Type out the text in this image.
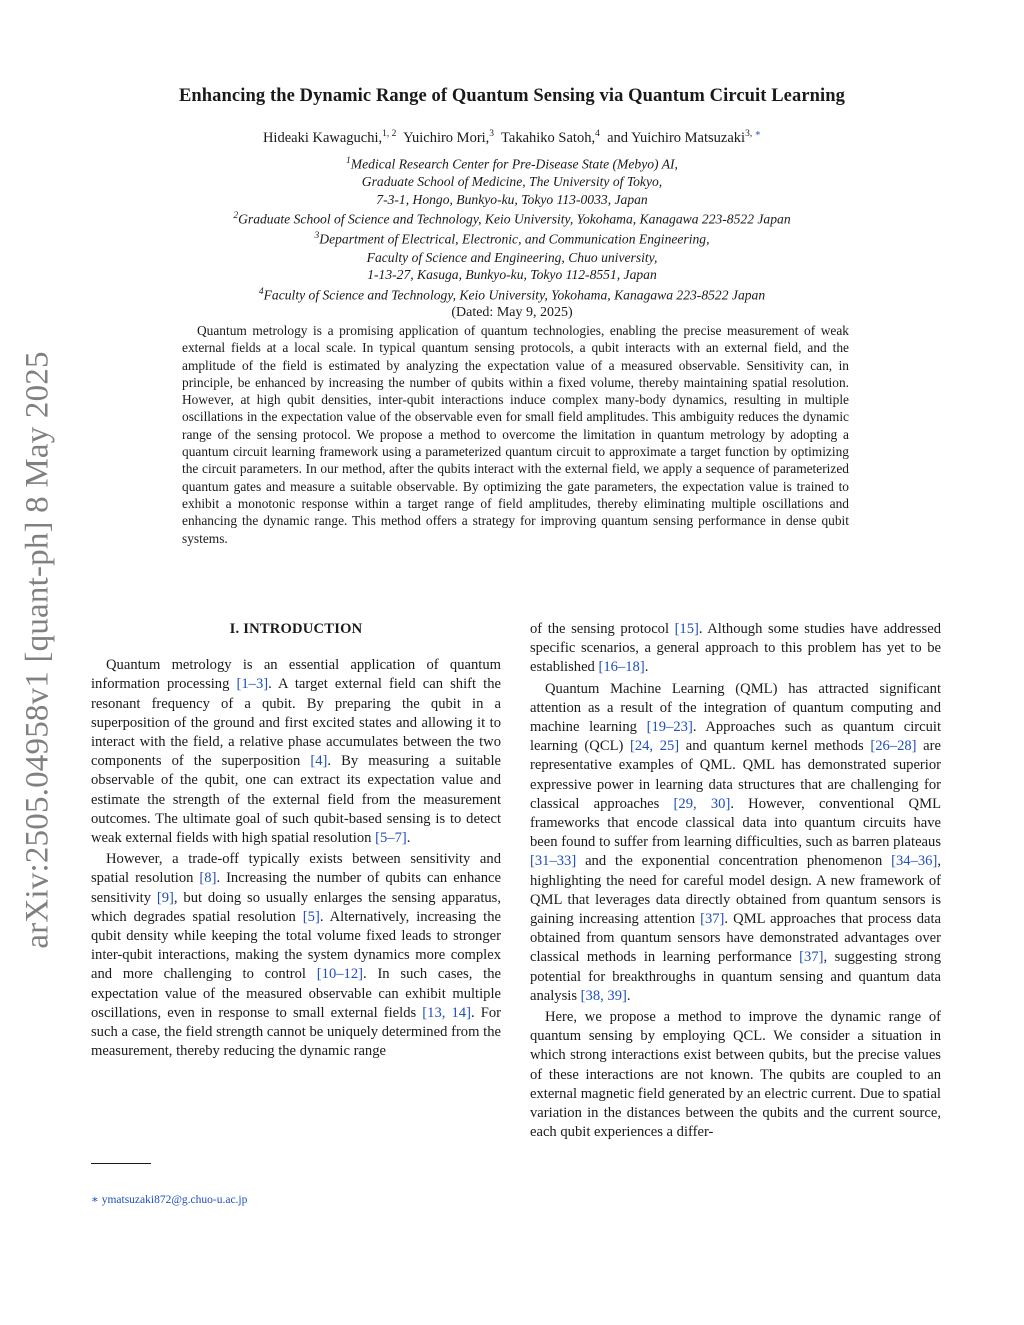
arXiv:2505.04958v1 [quant-ph] 8 May 2025
Enhancing the Dynamic Range of Quantum Sensing via Quantum Circuit Learning
Hideaki Kawaguchi,$^{1, 2}$ Yuichiro Mori,$^3$ Takahiko Satoh,$^4$ and Yuichiro Matsuzaki$^{3, ∗}$
$^1$Medical Research Center for Pre-Disease State (Mebyo) AI,
Graduate School of Medicine, The University of Tokyo,
7-3-1, Hongo, Bunkyo-ku, Tokyo 113-0033, Japan
$^2$Graduate School of Science and Technology, Keio University, Yokohama, Kanagawa 223-8522 Japan
$^3$Department of Electrical, Electronic, and Communication Engineering,
Faculty of Science and Engineering, Chuo university,
1-13-27, Kasuga, Bunkyo-ku, Tokyo 112-8551, Japan
$^4$Faculty of Science and Technology, Keio University, Yokohama, Kanagawa 223-8522 Japan
(Dated: May 9, 2025)
Quantum metrology is a promising application of quantum technologies, enabling the precise measurement of weak external fields at a local scale. In typical quantum sensing protocols, a qubit interacts with an external field, and the amplitude of the field is estimated by analyzing the expectation value of a measured observable. Sensitivity can, in principle, be enhanced by increasing the number of qubits within a fixed volume, thereby maintaining spatial resolution. However, at high qubit densities, inter-qubit interactions induce complex many-body dynamics, resulting in multiple oscillations in the expectation value of the observable even for small field amplitudes. This ambiguity reduces the dynamic range of the sensing protocol. We propose a method to overcome the limitation in quantum metrology by adopting a quantum circuit learning framework using a parameterized quantum circuit to approximate a target function by optimizing the circuit parameters. In our method, after the qubits interact with the external field, we apply a sequence of parameterized quantum gates and measure a suitable observable. By optimizing the gate parameters, the expectation value is trained to exhibit a monotonic response within a target range of field amplitudes, thereby eliminating multiple oscillations and enhancing the dynamic range. This method offers a strategy for improving quantum sensing performance in dense qubit systems.
I. INTRODUCTION

Quantum metrology is an essential application of quantum information processing [1–3]. A target external field can shift the resonant frequency of a qubit. By preparing the qubit in a superposition of the ground and first excited states and allowing it to interact with the field, a relative phase accumulates between the two components of the superposition [4]. By measuring a suitable observable of the qubit, one can extract its expectation value and estimate the strength of the external field from the measurement outcomes. The ultimate goal of such qubit-based sensing is to detect weak external fields with high spatial resolution [5–7].

However, a trade-off typically exists between sensitivity and spatial resolution [8]. Increasing the number of qubits can enhance sensitivity [9], but doing so usually enlarges the sensing apparatus, which degrades spatial resolution [5]. Alternatively, increasing the qubit density while keeping the total volume fixed leads to stronger inter-qubit interactions, making the system dynamics more complex and more challenging to control [10–12]. In such cases, the expectation value of the measured observable can exhibit multiple oscillations, even in response to small external fields [13, 14]. For such a case, the field strength cannot be uniquely determined from the measurement, thereby reducing the dynamic range

of the sensing protocol [15]. Although some studies have addressed specific scenarios, a general approach to this problem has yet to be established [16–18].

Quantum Machine Learning (QML) has attracted significant attention as a result of the integration of quantum computing and machine learning [19–23]. Approaches such as quantum circuit learning (QCL) [24, 25] and quantum kernel methods [26–28] are representative examples of QML. QML has demonstrated superior expressive power in learning data structures that are challenging for classical approaches [29, 30]. However, conventional QML frameworks that encode classical data into quantum circuits have been found to suffer from learning difficulties, such as barren plateaus [31–33] and the exponential concentration phenomenon [34–36], highlighting the need for careful model design. A new framework of QML that leverages data directly obtained from quantum sensors is gaining increasing attention [37]. QML approaches that process data obtained from quantum sensors have demonstrated advantages over classical methods in learning performance [37], suggesting strong potential for breakthroughs in quantum sensing and quantum data analysis [38, 39].

Here, we propose a method to improve the dynamic range of quantum sensing by employing QCL. We consider a situation in which strong interactions exist between qubits, but the precise values of these interactions are not known. The qubits are coupled to an external magnetic field generated by an electric current. Due to spatial variation in the distances between the qubits and the current source, each qubit experiences a differ-

∗ ymatsuzaki872@g.chuo-u.ac.jp
